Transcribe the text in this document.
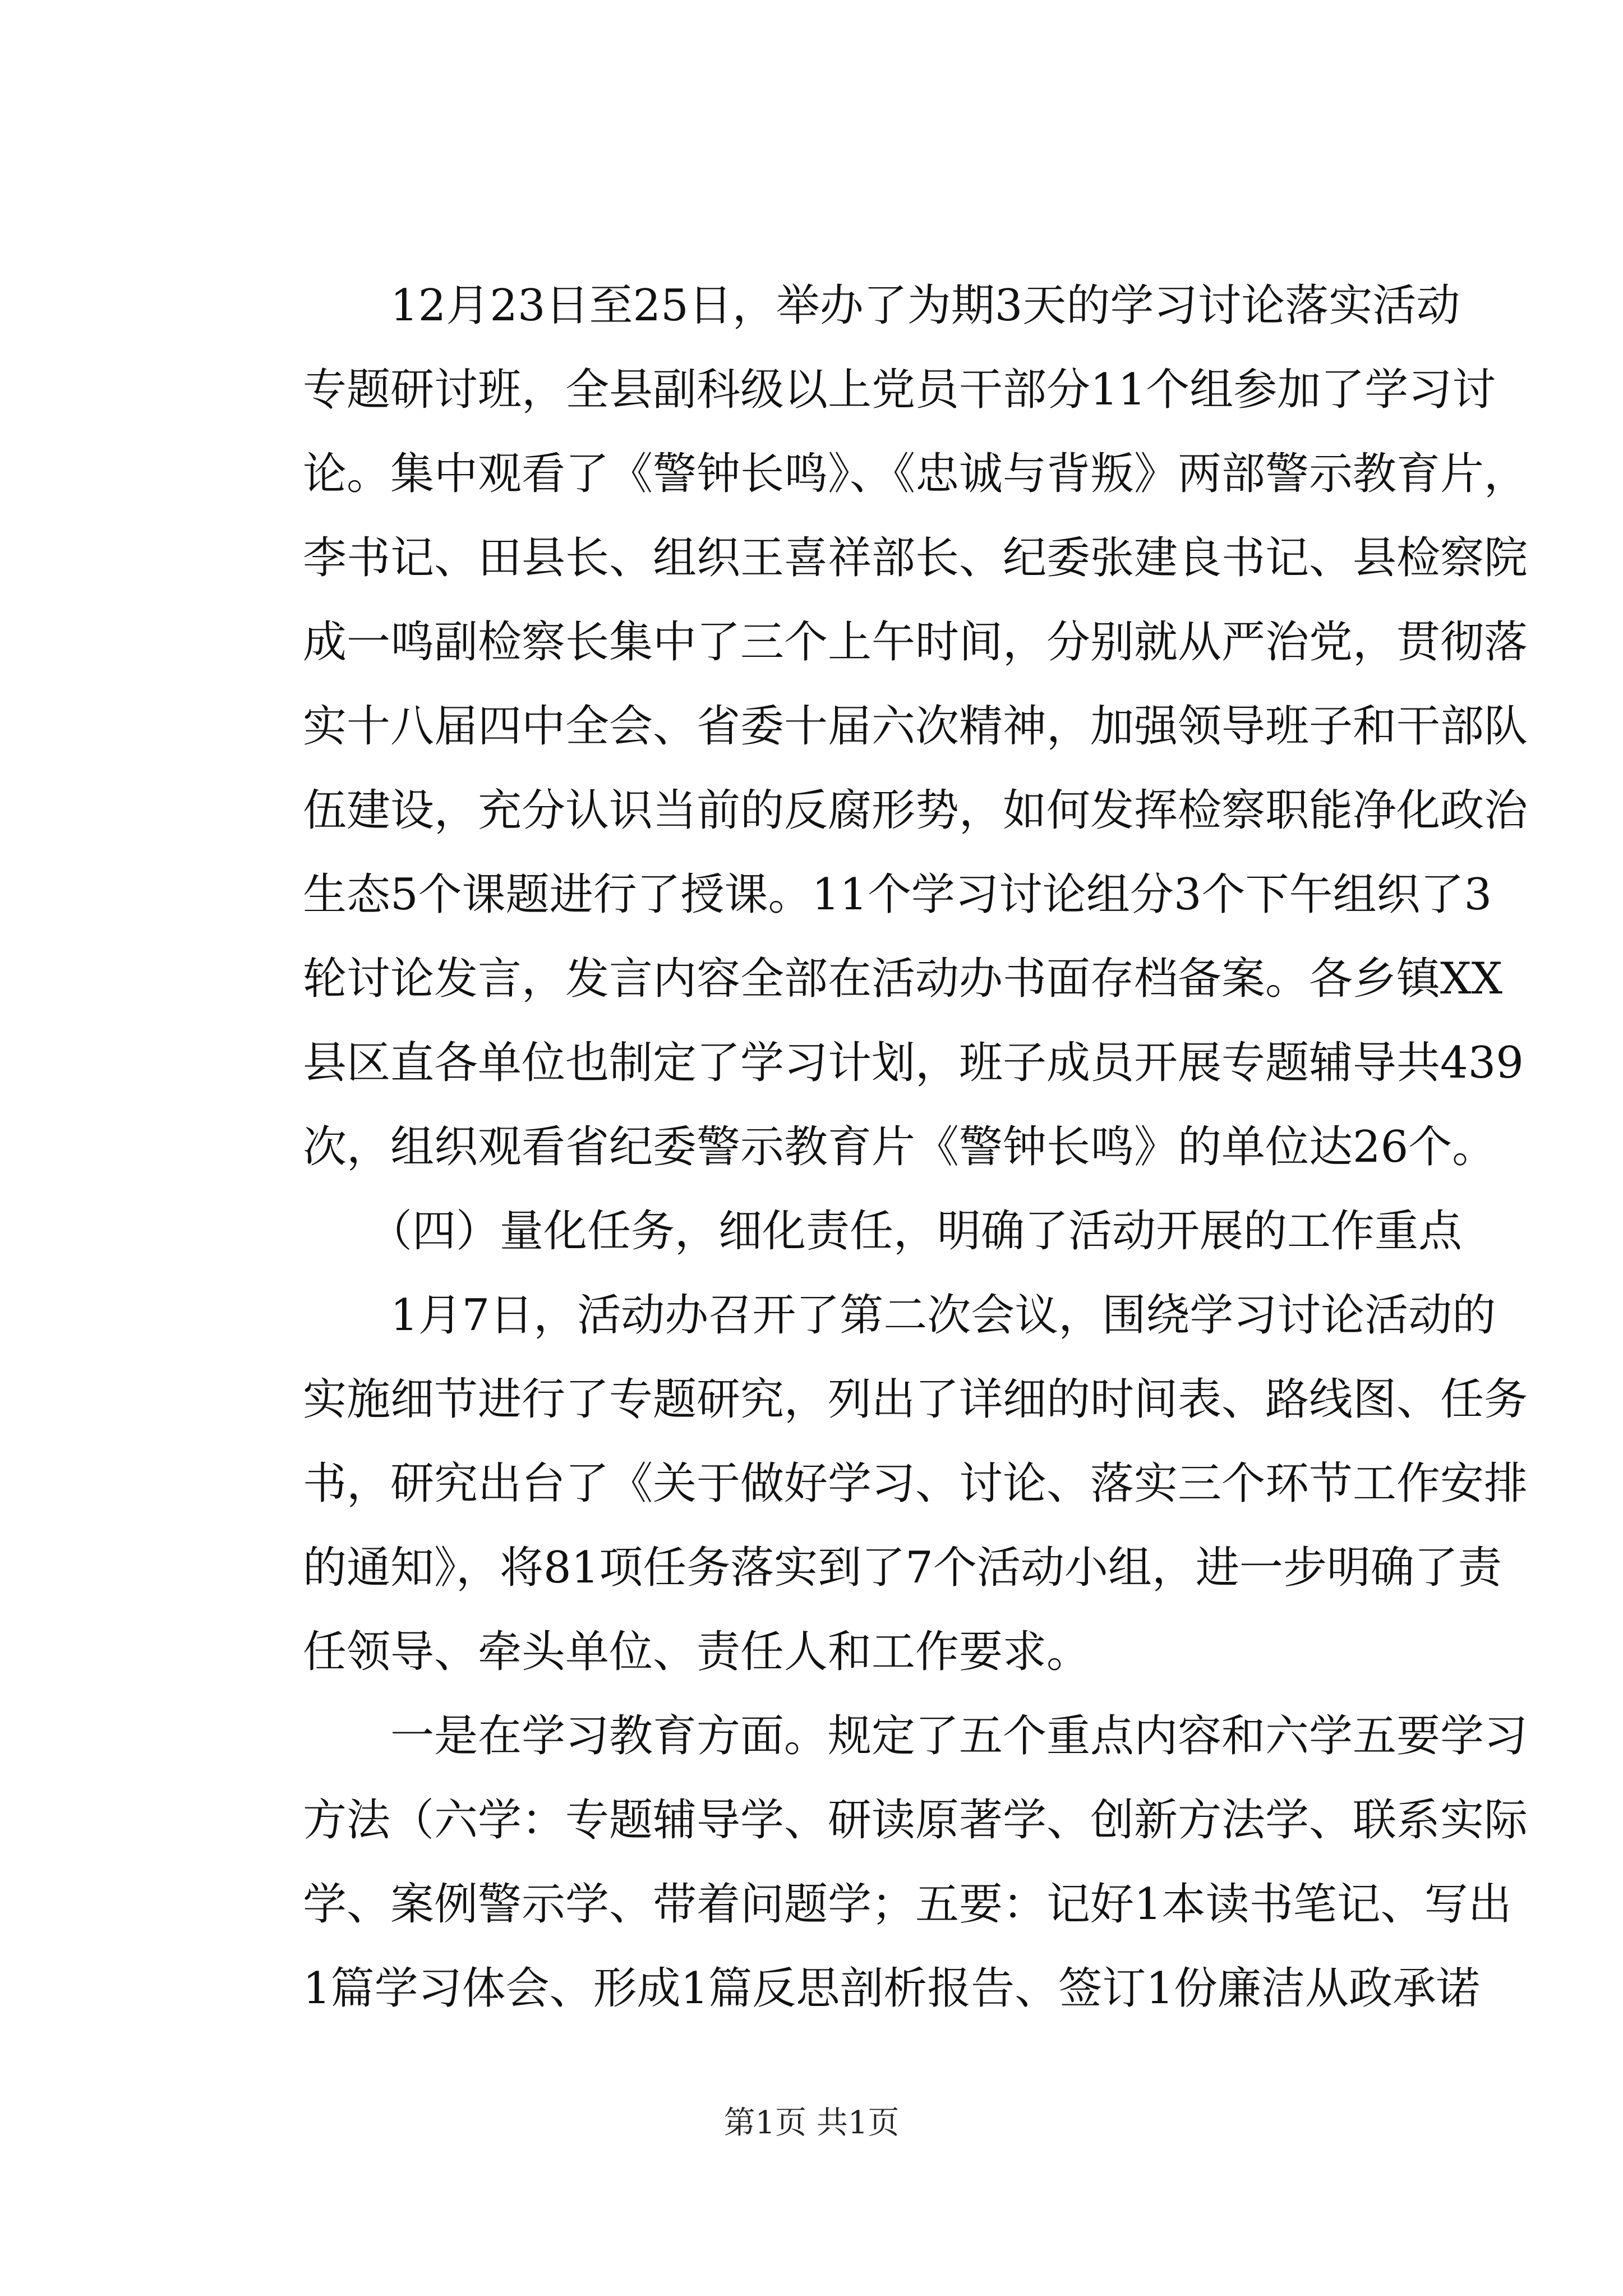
　　12月23日至25日，举办了为期3天的学习讨论落实活动
专题研讨班，全县副科级以上党员干部分11个组参加了学习讨
论。集中观看了《警钟长鸣》、《忠诚与背叛》两部警示教育片，
李书记、田县长、组织王喜祥部长、纪委张建良书记、县检察院
成一鸣副检察长集中了三个上午时间，分别就从严治党，贯彻落
实十八届四中全会、省委十届六次精神，加强领导班子和干部队
伍建设，充分认识当前的反腐形势，如何发挥检察职能净化政治
生态5个课题进行了授课。11个学习讨论组分3个下午组织了3
轮讨论发言，发言内容全部在活动办书面存档备案。各乡镇XX
县区直各单位也制定了学习计划，班子成员开展专题辅导共439
次，组织观看省纪委警示教育片《警钟长鸣》的单位达26个。
　　（四）量化任务，细化责任，明确了活动开展的工作重点
　　1月7日，活动办召开了第二次会议，围绕学习讨论活动的
实施细节进行了专题研究，列出了详细的时间表、路线图、任务
书，研究出台了《关于做好学习、讨论、落实三个环节工作安排
的通知》，将81项任务落实到了7个活动小组，进一步明确了责
任领导、牵头单位、责任人和工作要求。
　　一是在学习教育方面。规定了五个重点内容和六学五要学习
方法（六学：专题辅导学、研读原著学、创新方法学、联系实际
学、案例警示学、带着问题学；五要：记好1本读书笔记、写出
1篇学习体会、形成1篇反思剖析报告、签订1份廉洁从政承诺
第1页 共1页
